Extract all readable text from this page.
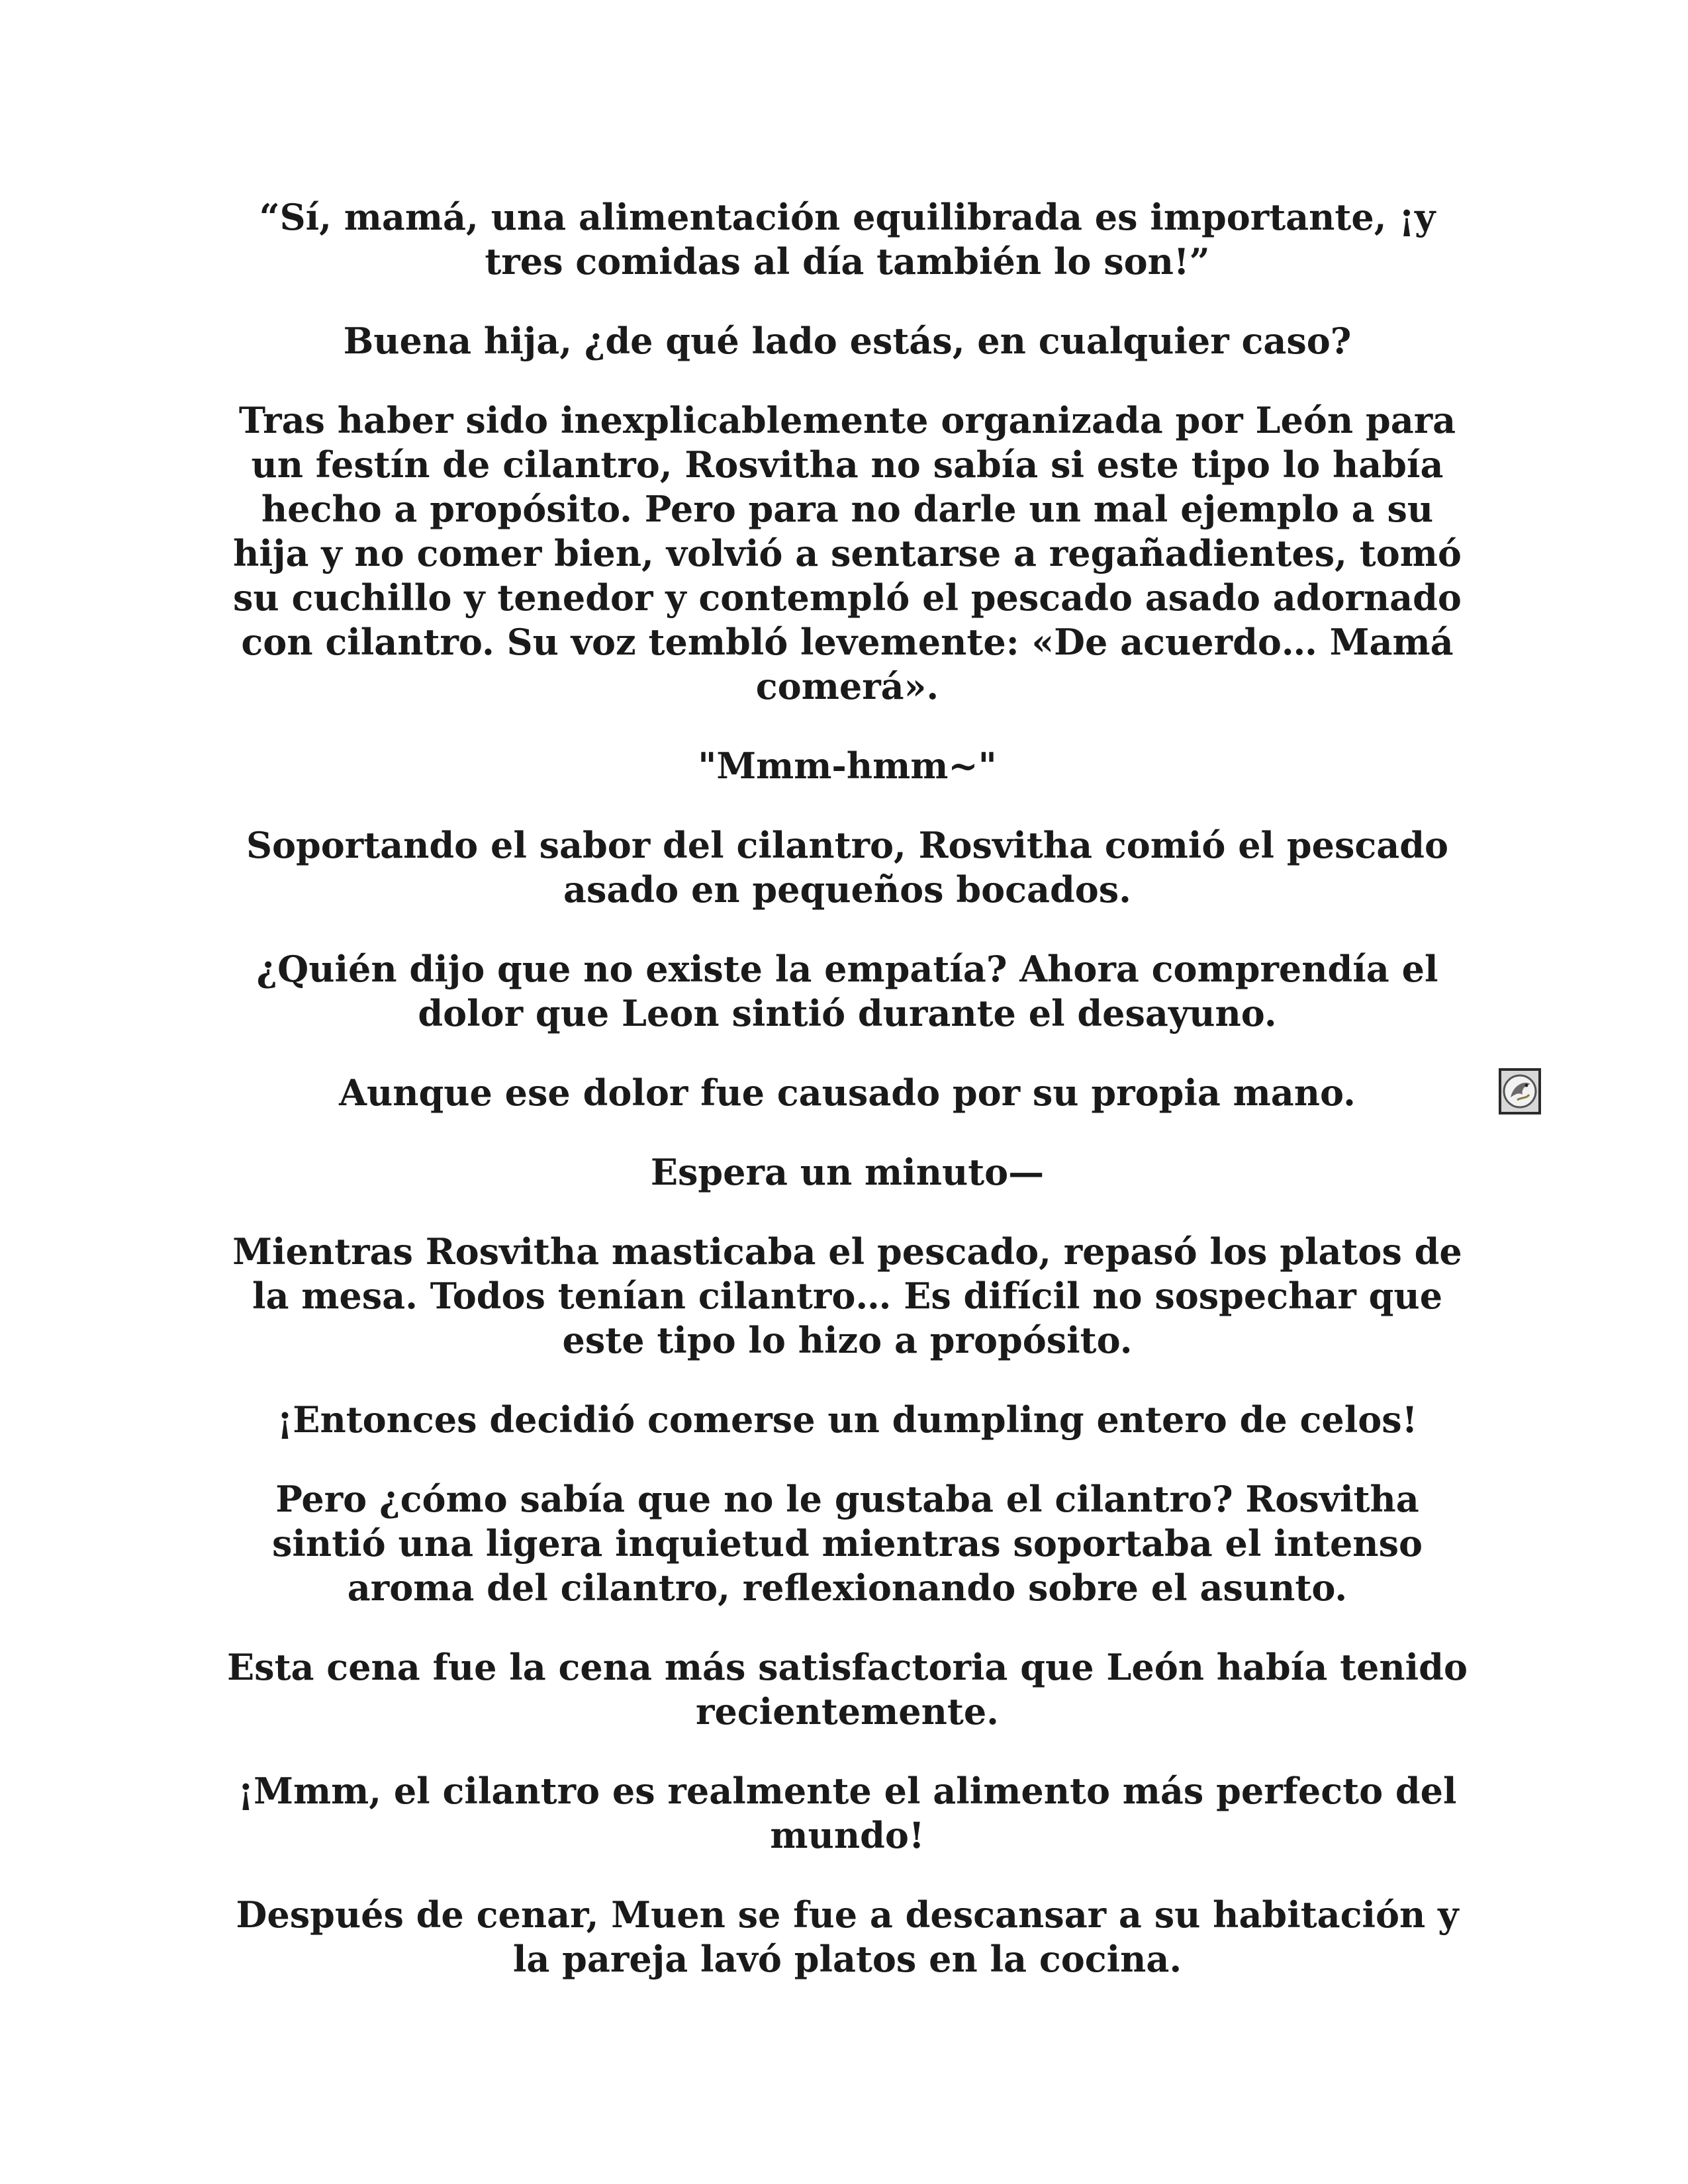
“Sí, mamá, una alimentación equilibrada es importante, ¡y tres comidas al día también lo son!”

Buena hija, ¿de qué lado estás, en cualquier caso?

Tras haber sido inexplicablemente organizada por León para un festín de cilantro, Rosvitha no sabía si este tipo lo había hecho a propósito. Pero para no darle un mal ejemplo a su hija y no comer bien, volvió a sentarse a regañadientes, tomó su cuchillo y tenedor y contempló el pescado asado adornado con cilantro. Su voz tembló levemente: «De acuerdo… Mamá comerá».

"Mmm-hmm~"

Soportando el sabor del cilantro, Rosvitha comió el pescado asado en pequeños bocados.

¿Quién dijo que no existe la empatía? Ahora comprendía el dolor que Leon sintió durante el desayuno.

Aunque ese dolor fue causado por su propia mano.

Espera un minuto—

Mientras Rosvitha masticaba el pescado, repasó los platos de la mesa. Todos tenían cilantro… Es difícil no sospechar que este tipo lo hizo a propósito.

¡Entonces decidió comerse un dumpling entero de celos!

Pero ¿cómo sabía que no le gustaba el cilantro? Rosvitha sintió una ligera inquietud mientras soportaba el intenso aroma del cilantro, reflexionando sobre el asunto.

Esta cena fue la cena más satisfactoria que León había tenido recientemente.

¡Mmm, el cilantro es realmente el alimento más perfecto del mundo!

Después de cenar, Muen se fue a descansar a su habitación y la pareja lavó platos en la cocina.
